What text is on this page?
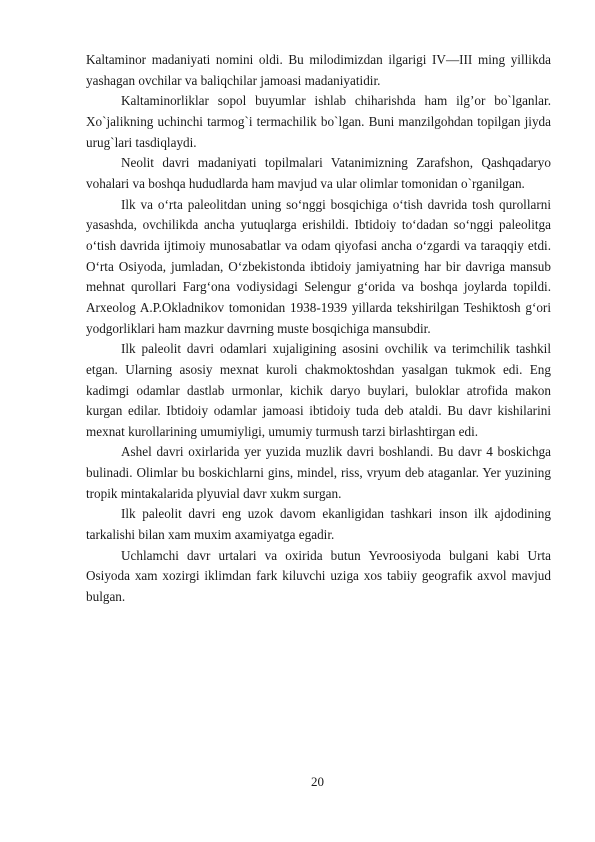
Kaltaminor madaniyati nomini oldi. Bu milodimizdan ilgarigi IV—III ming yillikda yashagan ovchilar va baliqchilar jamoasi madaniyatidir.

Kaltaminorliklar sopol buyumlar ishlab chiharishda ham ilg’or bo`lganlar. Xo`jalikning uchinchi tarmog`i termachilik bo`lgan. Buni manzilgohdan topilgan jiyda urug`lari tasdiqlaydi.

Neolit davri madaniyati topilmalari Vatanimizning Zarafshon, Qashqadaryo vohalari va boshqa hududlarda ham mavjud va ular olimlar tomonidan o`rganilgan.

Ilk va o‘rta paleolitdan uning so‘nggi bosqichiga o‘tish davrida tosh qurollarni yasashda, ovchilikda ancha yutuqlarga erishildi. Ibtidoiy to‘dadan so‘nggi paleolitga o‘tish davrida ijtimoiy munosabatlar va odam qiyofasi ancha o‘zgardi va taraqqiy etdi. O‘rta Osiyoda, jumladan, O‘zbekistonda ibtidoiy jamiyatning har bir davriga mansub mehnat qurollari Farg‘ona vodiysidagi Selengur g‘orida va boshqa joylarda topildi. Arxeolog A.P.Okladnikov tomonidan 1938-1939 yillarda tekshirilgan Teshiktosh g‘ori yodgorliklari ham mazkur davrning muste bosqichiga mansubdir.

Ilk paleolit davri odamlari xujaligining asosini ovchilik va terimchilik tashkil etgan. Ularning asosiy mexnat kuroli chakmoktoshdan yasalgan tukmok edi. Eng kadimgi odamlar dastlab urmonlar, kichik daryo buylari, buloklar atrofida makon kurgan edilar. Ibtidoiy odamlar jamoasi ibtidoiy tuda deb ataldi. Bu davr kishilarini mexnat kurollarining umumiyligi, umumiy turmush tarzi birlashtirgan edi.

Ashel davri oxirlarida yer yuzida muzlik davri boshlandi. Bu davr 4 boskichga bulinadi. Olimlar bu boskichlarni gins, mindel, riss, vryum deb ataganlar. Yer yuzining tropik mintakalarida plyuvial davr xukm surgan.

Ilk paleolit davri eng uzok davom ekanligidan tashkari inson ilk ajdodining tarkalishi bilan xam muxim axamiyatga egadir.

Uchlamchi davr urtalari va oxirida butun Yevroosiyoda bulgani kabi Urta Osiyoda xam xozirgi iklimdan fark kiluvchi uziga xos tabiiy geografik axvol mavjud bulgan.

20
